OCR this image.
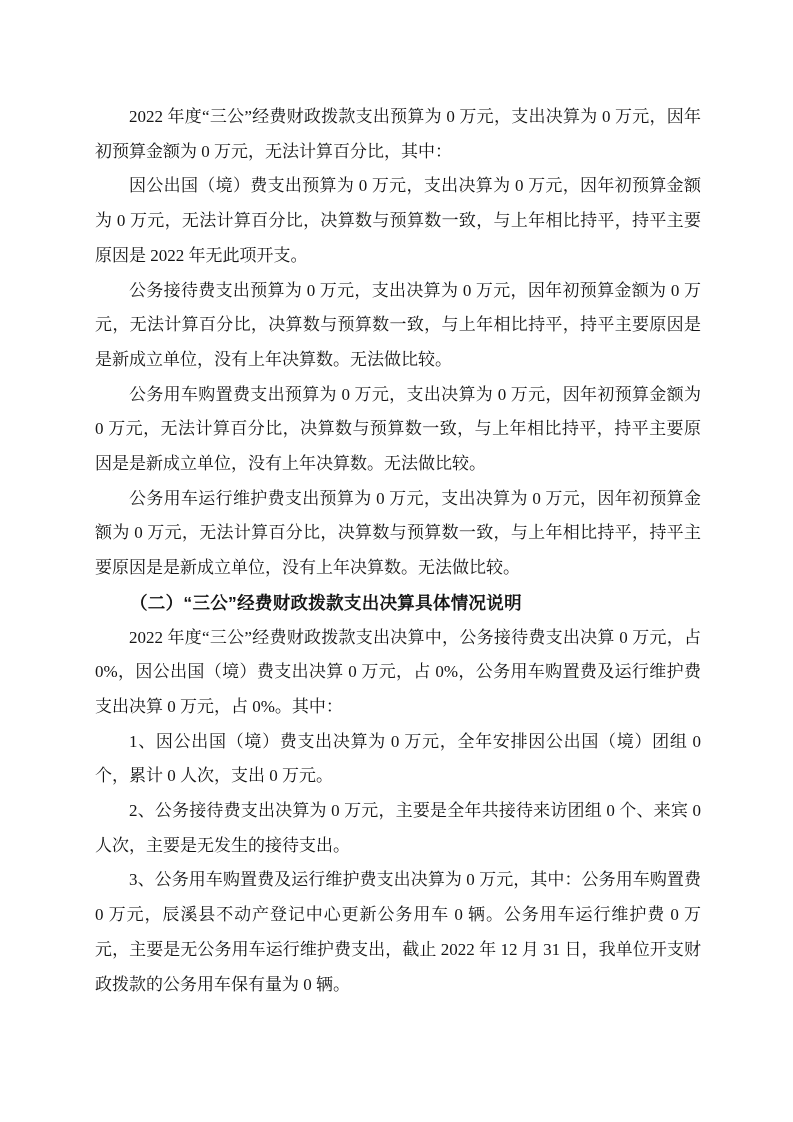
2022 年度“三公”经费财政拨款支出预算为 0 万元，支出决算为 0 万元，因年初预算金额为 0 万元，无法计算百分比，其中：

因公出国（境）费支出预算为 0 万元，支出决算为 0 万元，因年初预算金额为 0 万元，无法计算百分比，决算数与预算数一致，与上年相比持平，持平主要原因是 2022 年无此项开支。

公务接待费支出预算为 0 万元，支出决算为 0 万元，因年初预算金额为 0 万元，无法计算百分比，决算数与预算数一致，与上年相比持平，持平主要原因是是新成立单位，没有上年决算数。无法做比较。

公务用车购置费支出预算为 0 万元，支出决算为 0 万元，因年初预算金额为 0 万元，无法计算百分比，决算数与预算数一致，与上年相比持平，持平主要原因是是新成立单位，没有上年决算数。无法做比较。

公务用车运行维护费支出预算为 0 万元，支出决算为 0 万元，因年初预算金额为 0 万元，无法计算百分比，决算数与预算数一致，与上年相比持平，持平主要原因是是新成立单位，没有上年决算数。无法做比较。

（二）“三公”经费财政拨款支出决算具体情况说明

2022 年度“三公”经费财政拨款支出决算中，公务接待费支出决算 0 万元，占 0%，因公出国（境）费支出决算 0 万元，占 0%，公务用车购置费及运行维护费支出决算 0 万元，占 0%。其中：

1、因公出国（境）费支出决算为 0 万元，全年安排因公出国（境）团组 0 个，累计 0 人次，支出 0 万元。

2、公务接待费支出决算为 0 万元，主要是全年共接待来访团组 0 个、来宾 0 人次，主要是无发生的接待支出。

3、公务用车购置费及运行维护费支出决算为 0 万元，其中：公务用车购置费 0 万元，辰溪县不动产登记中心更新公务用车 0 辆。公务用车运行维护费 0 万元，主要是无公务用车运行维护费支出，截止 2022 年 12 月 31 日，我单位开支财政拨款的公务用车保有量为 0 辆。
